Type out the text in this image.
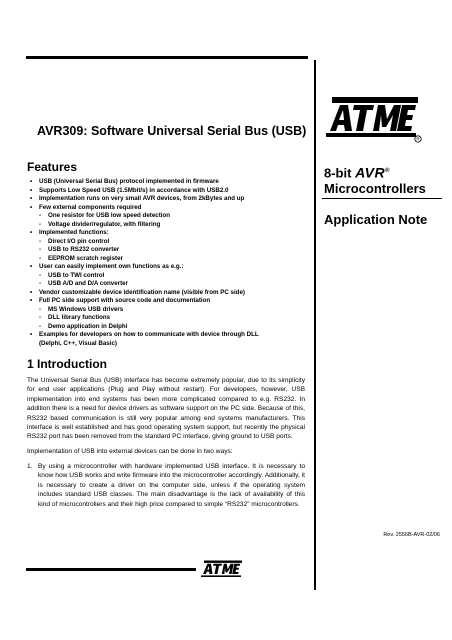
R
8-bit AVR®
Microcontrollers
Application Note
AVR309: Software Universal Serial Bus (USB)
Features
• USB (Universal Serial Bus) protocol implemented in firmware
• Supports Low Speed USB (1.5Mbit/s) in accordance with USB2.0
• Implementation runs on very small AVR devices, from 2kBytes and up
• Few external components required
- One resistor for USB low speed detection
- Voltage divider/regulator, with filtering
• Implemented functions:
- Direct I/O pin control
- USB to RS232 converter
- EEPROM scratch register
• User can easily implement own functions as e.g.:
- USB to TWI control
- USB A/D and D/A converter
• Vendor customizable device identification name (visible from PC side)
• Full PC side support with source code and documentation
- MS Windows USB drivers
- DLL library functions
- Demo application in Delphi
• Examples for developers on how to communicate with device through DLL
(Delphi, C++, Visual Basic)
1 Introduction

The Universal Serial Bus (USB) interface has become extremely popular, due to its simplicity for end user applications (Plug and Play without restart). For developers, however, USB implementation into end systems has been more complicated compared to e.g. RS232. In addition there is a need for device drivers as software support on the PC side. Because of this, RS232 based communication is still very popular among end systems manufacturers. This interface is well established and has good operating system support, but recently the physical RS232 port has been removed from the standard PC interface, giving ground to USB ports.

Implementation of USB into external devices can be done in two ways:

1. By using a microcontroller with hardware implemented USB interface. It is necessary to know how USB works and write firmware into the microcontroller accordingly. Additionally, it is necessary to create a driver on the computer side, unless if the operating system includes standard USB classes. The main disadvantage is the lack of availability of this kind of microcontrollers and their high price compared to simple “RS232” microcontrollers.

Rev. 2556B-AVR-02/06
